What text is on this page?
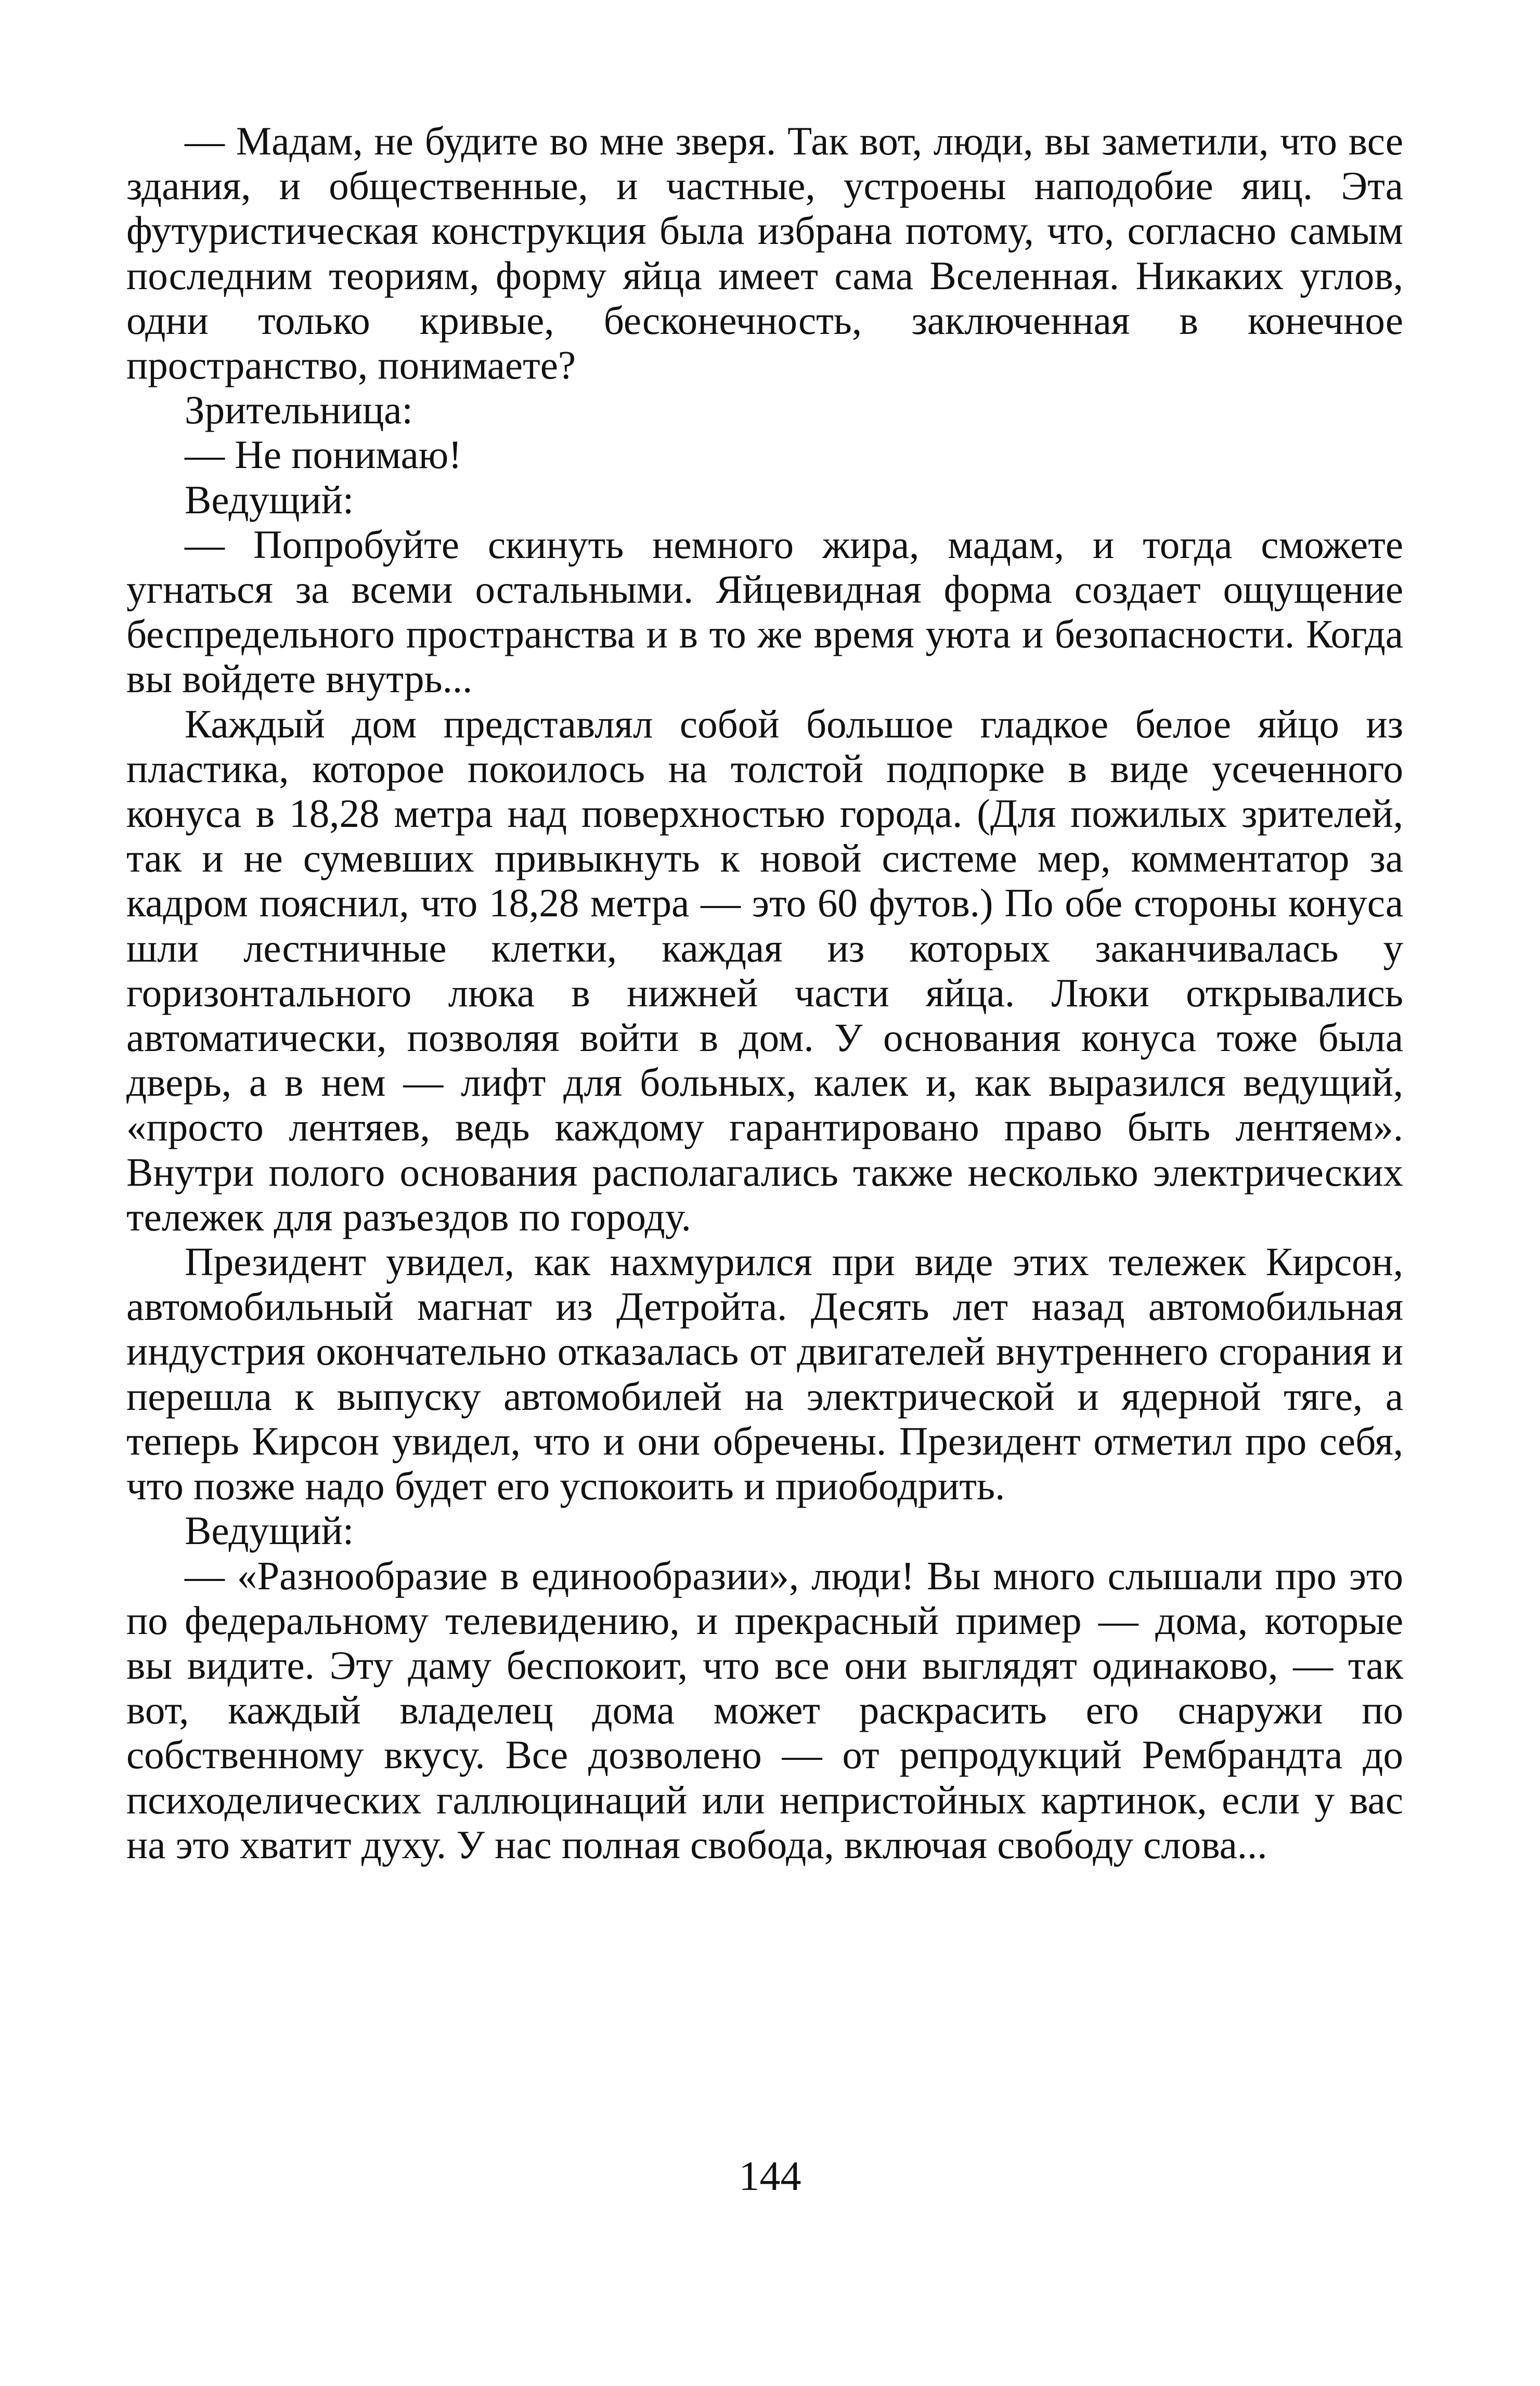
— Мадам, не будите во мне зверя. Так вот, люди, вы заметили, что все здания, и общественные, и частные, устроены наподобие яиц. Эта футуристическая конструкция была избрана потому, что, согласно самым последним теориям, форму яйца имеет сама Вселенная. Никаких углов, одни только кривые, бесконечность, заключенная в конечное пространство, понимаете?

Зрительница:

— Не понимаю!

Ведущий:

— Попробуйте скинуть немного жира, мадам, и тогда сможете угнаться за всеми остальными. Яйцевидная форма создает ощущение беспредельного пространства и в то же время уюта и безопасности. Когда вы войдете внутрь...

Каждый дом представлял собой большое гладкое белое яйцо из пластика, которое покоилось на толстой подпорке в виде усеченного конуса в 18,28 метра над поверхностью города. (Для пожилых зрителей, так и не сумевших привыкнуть к новой системе мер, комментатор за кадром пояснил, что 18,28 метра — это 60 футов.) По обе стороны конуса шли лестничные клетки, каждая из которых заканчивалась у горизонтального люка в нижней части яйца. Люки открывались автоматически, позволяя войти в дом. У основания конуса тоже была дверь, а в нем — лифт для больных, калек и, как выразился ведущий, «просто лентяев, ведь каждому гарантировано право быть лентяем». Внутри полого основания располагались также несколько электрических тележек для разъездов по городу.

Президент увидел, как нахмурился при виде этих тележек Кирсон, автомобильный магнат из Детройта. Десять лет назад автомобильная индустрия окончательно отказалась от двигателей внутреннего сгорания и перешла к выпуску автомобилей на электрической и ядерной тяге, а теперь Кирсон увидел, что и они обречены. Президент отметил про себя, что позже надо будет его успокоить и приободрить.

Ведущий:

— «Разнообразие в единообразии», люди! Вы много слышали про это по федеральному телевидению, и прекрасный пример — дома, которые вы видите. Эту даму беспокоит, что все они выглядят одинаково, — так вот, каждый владелец дома может раскрасить его снаружи по собственному вкусу. Все дозволено — от репродукций Рембрандта до психоделических галлюцинаций или непристойных картинок, если у вас на это хватит духу. У нас полная свобода, включая свободу слова...

144
